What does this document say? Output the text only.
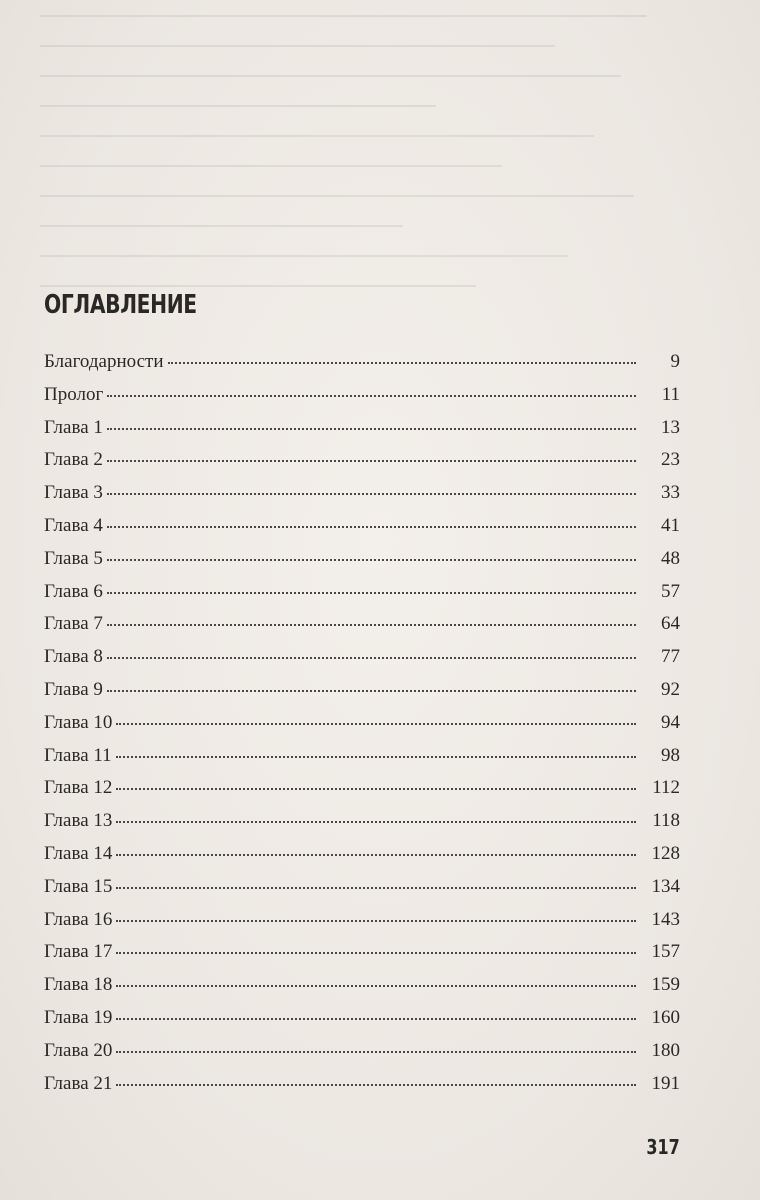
ОГЛАВЛЕНИЕ
Благодарности	9
Пролог	11
Глава 1	13
Глава 2	23
Глава 3	33
Глава 4	41
Глава 5	48
Глава 6	57
Глава 7	64
Глава 8	77
Глава 9	92
Глава 10	94
Глава 11	98
Глава 12	112
Глава 13	118
Глава 14	128
Глава 15	134
Глава 16	143
Глава 17	157
Глава 18	159
Глава 19	160
Глава 20	180
Глава 21	191
317
